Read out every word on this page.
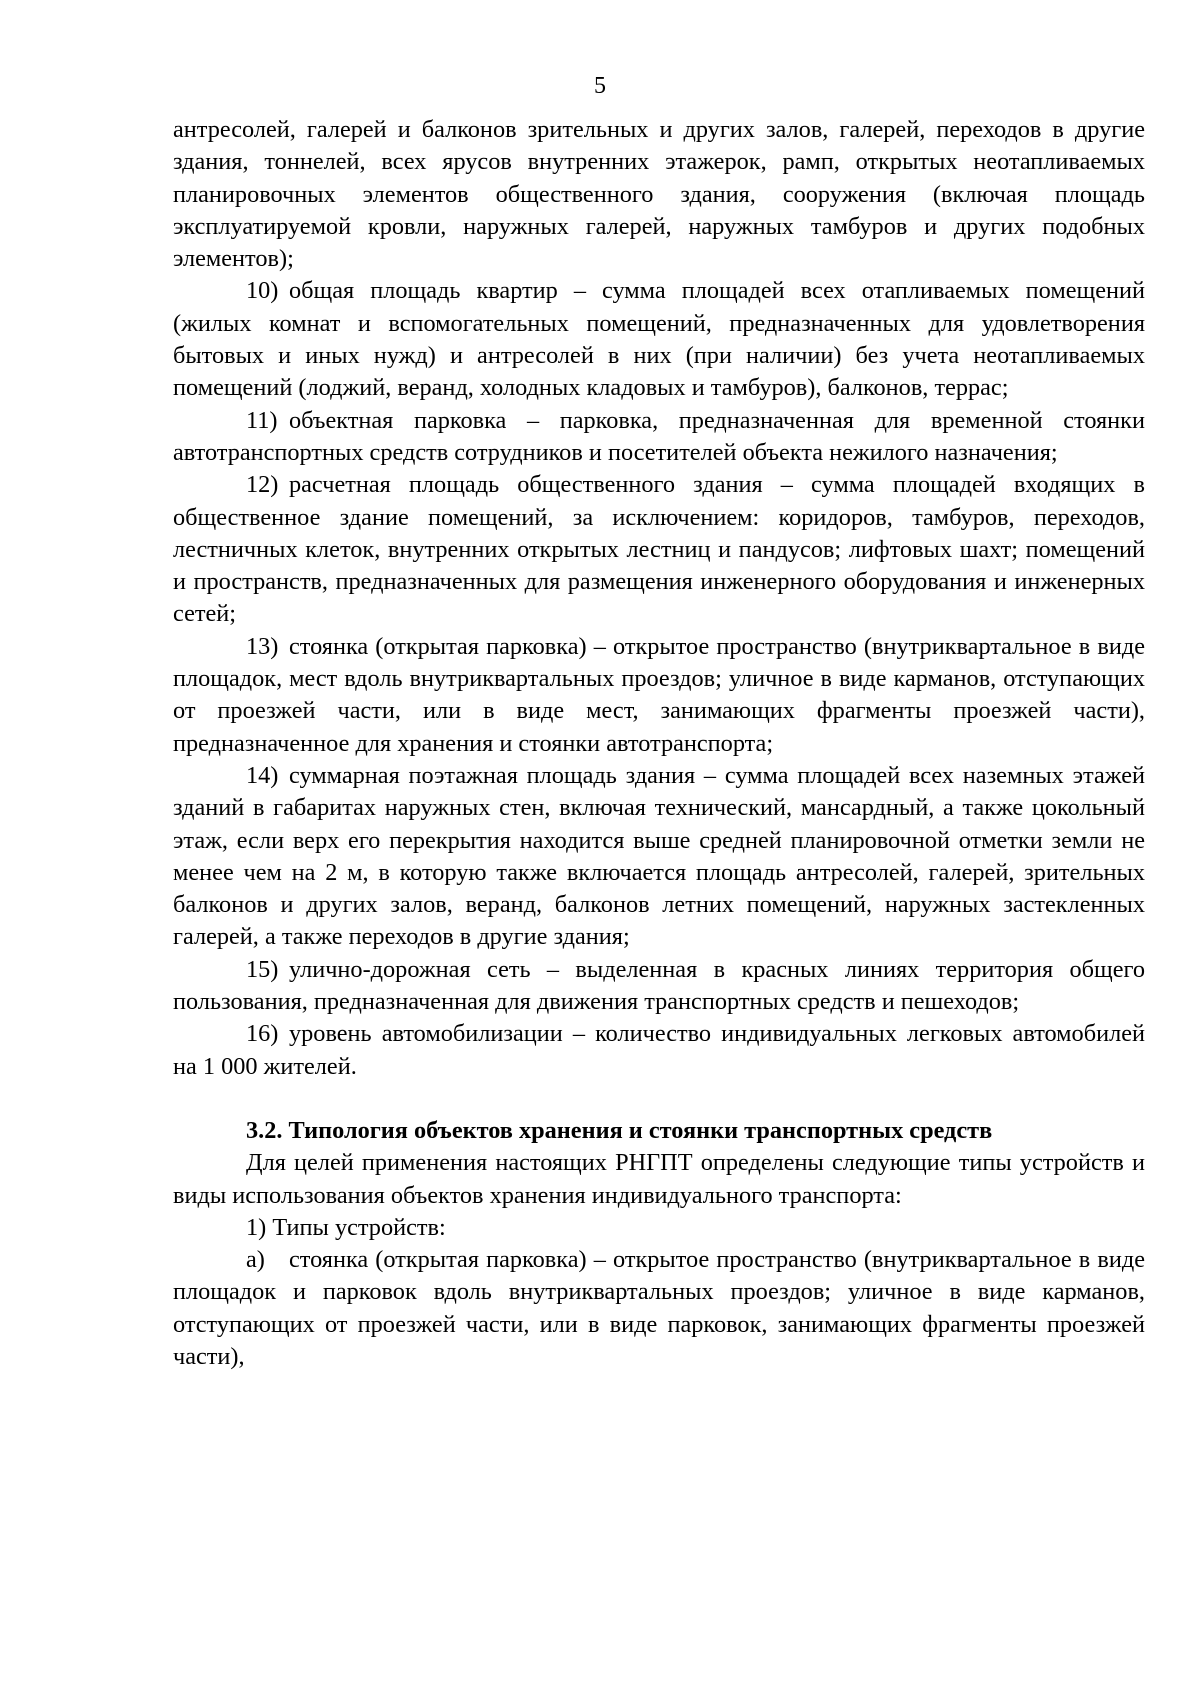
5

антресолей, галерей и балконов зрительных и других залов, галерей, переходов в другие здания, тоннелей, всех ярусов внутренних этажерок, рамп, открытых неотапливаемых планировочных элементов общественного здания, сооружения (включая площадь эксплуатируемой кровли, наружных галерей, наружных тамбуров и других подобных элементов);

10) общая площадь квартир – сумма площадей всех отапливаемых помещений (жилых комнат и вспомогательных помещений, предназначенных для удовлетворения бытовых и иных нужд) и антресолей в них (при наличии) без учета неотапливаемых помещений (лоджий, веранд, холодных кладовых и тамбуров), балконов, террас;

11) объектная парковка – парковка, предназначенная для временной стоянки автотранспортных средств сотрудников и посетителей объекта нежилого назначения;

12) расчетная площадь общественного здания – сумма площадей входящих в общественное здание помещений, за исключением: коридоров, тамбуров, переходов, лестничных клеток, внутренних открытых лестниц и пандусов; лифтовых шахт; помещений и пространств, предназначенных для размещения инженерного оборудования и инженерных сетей;

13) стоянка (открытая парковка) – открытое пространство (внутриквартальное в виде площадок, мест вдоль внутриквартальных проездов; уличное в виде карманов, отступающих от проезжей части, или в виде мест, занимающих фрагменты проезжей части), предназначенное для хранения и стоянки автотранспорта;

14) суммарная поэтажная площадь здания – сумма площадей всех наземных этажей зданий в габаритах наружных стен, включая технический, мансардный, а также цокольный этаж, если верх его перекрытия находится выше средней планировочной отметки земли не менее чем на 2 м, в которую также включается площадь антресолей, галерей, зрительных балконов и других залов, веранд, балконов летних помещений, наружных застекленных галерей, а также переходов в другие здания;

15) улично-дорожная сеть – выделенная в красных линиях территория общего пользования, предназначенная для движения транспортных средств и пешеходов;

16) уровень автомобилизации – количество индивидуальных легковых автомобилей на 1 000 жителей.

3.2. Типология объектов хранения и стоянки транспортных средств

Для целей применения настоящих РНГПТ определены следующие типы устройств и виды использования объектов хранения индивидуального транспорта:

1) Типы устройств:

а) стоянка (открытая парковка) – открытое пространство (внутриквартальное в виде площадок и парковок вдоль внутриквартальных проездов; уличное в виде карманов, отступающих от проезжей части, или в виде парковок, занимающих фрагменты проезжей части),
